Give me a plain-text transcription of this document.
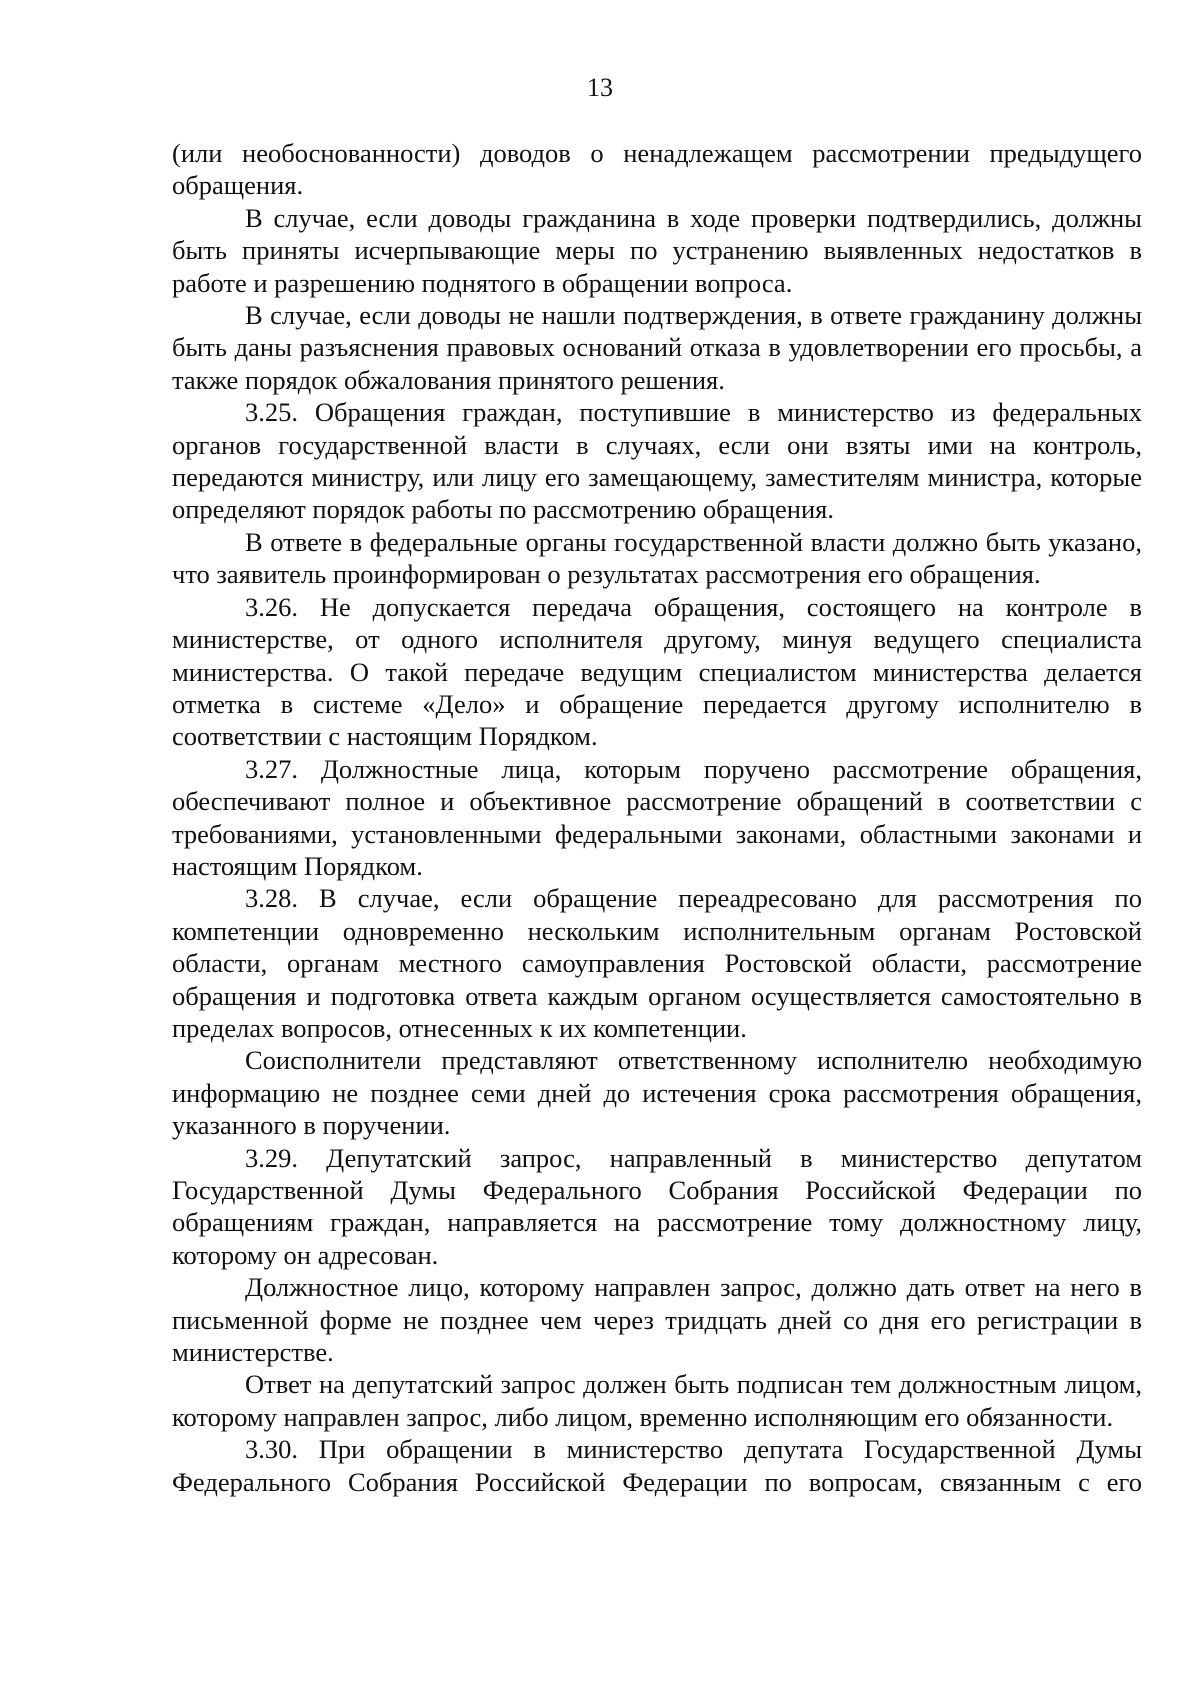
13

(или необоснованности) доводов о ненадлежащем рассмотрении предыдущего обращения.

В случае, если доводы гражданина в ходе проверки подтвердились, должны быть приняты исчерпывающие меры по устранению выявленных недостатков в работе и разрешению поднятого в обращении вопроса.

В случае, если доводы не нашли подтверждения, в ответе гражданину должны быть даны разъяснения правовых оснований отказа в удовлетворении его просьбы, а также порядок обжалования принятого решения.

3.25. Обращения граждан, поступившие в министерство из федеральных органов государственной власти в случаях, если они взяты ими на контроль, передаются министру, или лицу его замещающему, заместителям министра, которые определяют порядок работы по рассмотрению обращения.

В ответе в федеральные органы государственной власти должно быть указано, что заявитель проинформирован о результатах рассмотрения его обращения.

3.26. Не допускается передача обращения, состоящего на контроле в министерстве, от одного исполнителя другому, минуя ведущего специалиста министерства. О такой передаче ведущим специалистом министерства делается отметка в системе «Дело» и обращение передается другому исполнителю в соответствии с настоящим Порядком.

3.27. Должностные лица, которым поручено рассмотрение обращения, обеспечивают полное и объективное рассмотрение обращений в соответствии с требованиями, установленными федеральными законами, областными законами и настоящим Порядком.

3.28. В случае, если обращение переадресовано для рассмотрения по компетенции одновременно нескольким исполнительным органам Ростовской области, органам местного самоуправления Ростовской области, рассмотрение обращения и подготовка ответа каждым органом осуществляется самостоятельно в пределах вопросов, отнесенных к их компетенции.

Соисполнители представляют ответственному исполнителю необходимую информацию не позднее семи дней до истечения срока рассмотрения обращения, указанного в поручении.

3.29. Депутатский запрос, направленный в министерство депутатом Государственной Думы Федерального Собрания Российской Федерации по обращениям граждан, направляется на рассмотрение тому должностному лицу, которому он адресован.

Должностное лицо, которому направлен запрос, должно дать ответ на него в письменной форме не позднее чем через тридцать дней со дня его регистрации в министерстве.

Ответ на депутатский запрос должен быть подписан тем должностным лицом, которому направлен запрос, либо лицом, временно исполняющим его обязанности.

3.30. При обращении в министерство депутата Государственной Думы Федерального Собрания Российской Федерации по вопросам, связанным с его
